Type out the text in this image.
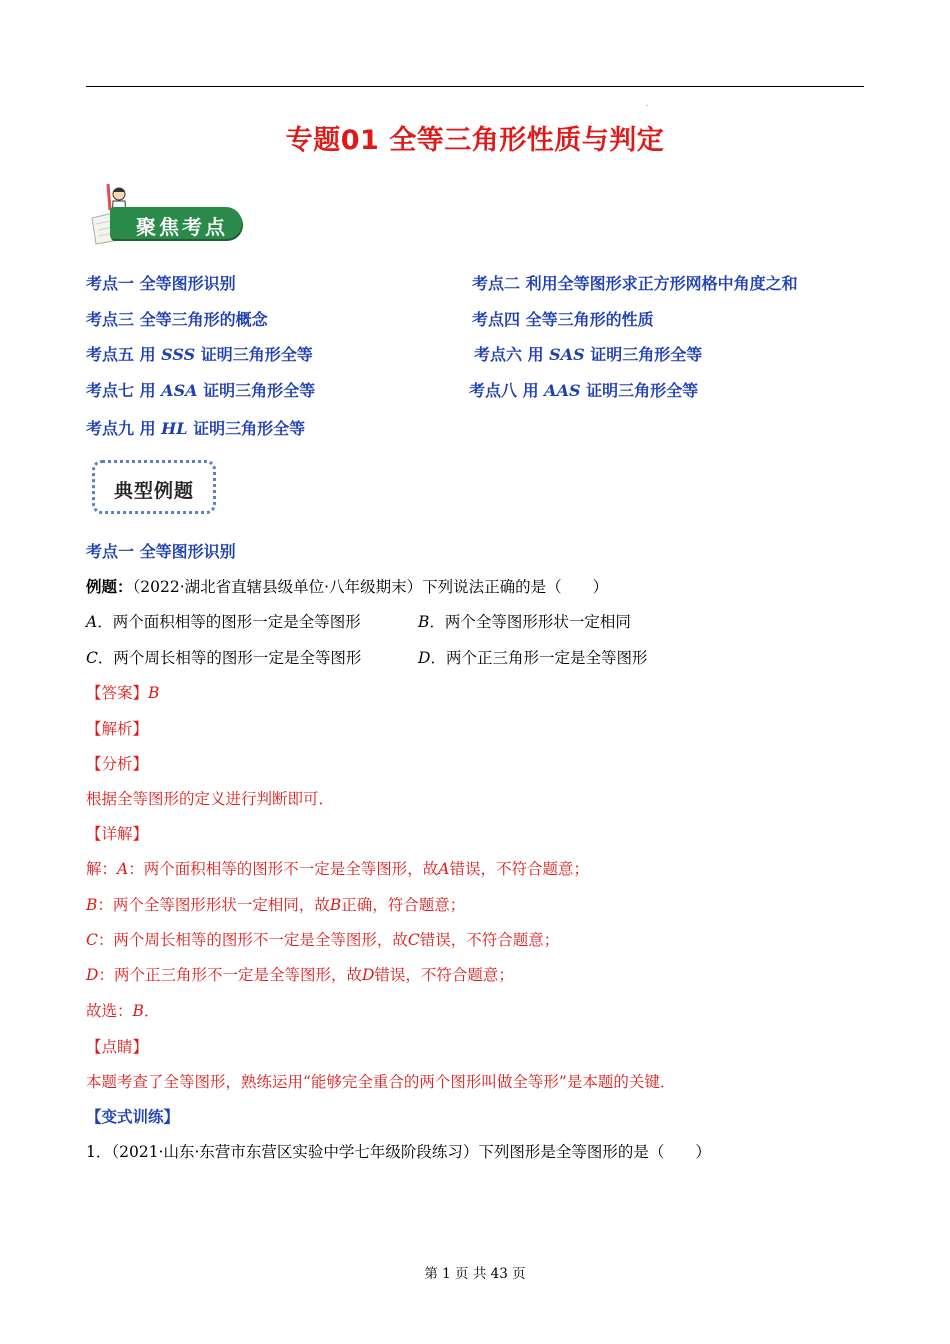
.
专题01 全等三角形性质与判定
聚焦考点
考点一 全等图形识别	考点二 利用全等图形求正方形网格中角度之和
考点三 全等三角形的概念	考点四 全等三角形的性质
考点五 用 SSS 证明三角形全等	考点六 用 SAS 证明三角形全等
考点七 用 ASA 证明三角形全等	考点八 用 AAS 证明三角形全等
考点九 用 HL 证明三角形全等
典型例题
考点一 全等图形识别
例题：（2022·湖北省直辖县级单位·八年级期末）下列说法正确的是（　　）
A．两个面积相等的图形一定是全等图形	B．两个全等图形形状一定相同
C．两个周长相等的图形一定是全等图形	D．两个正三角形一定是全等图形
【答案】B
【解析】
【分析】
根据全等图形的定义进行判断即可．
【详解】
解：A：两个面积相等的图形不一定是全等图形，故A错误，不符合题意；
B：两个全等图形形状一定相同，故B正确，符合题意；
C：两个周长相等的图形不一定是全等图形，故C错误，不符合题意；
D：两个正三角形不一定是全等图形，故D错误，不符合题意；
故选：B．
【点睛】
本题考查了全等图形，熟练运用“能够完全重合的两个图形叫做全等形”是本题的关键．
【变式训练】
1．（2021·山东·东营市东营区实验中学七年级阶段练习）下列图形是全等图形的是（　　）
第 1 页 共 43 页
